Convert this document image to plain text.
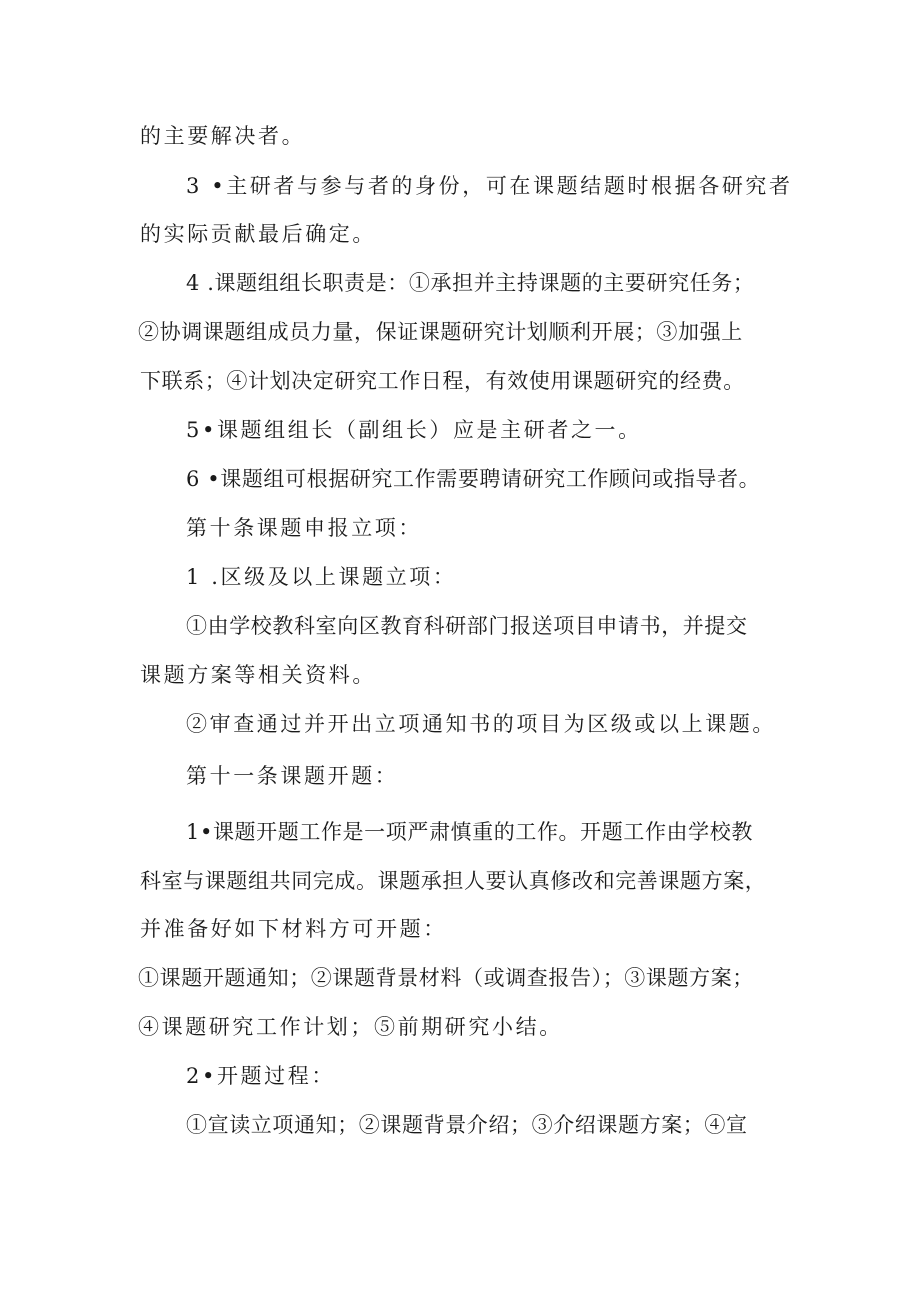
的主要解决者。

3 •主研者与参与者的身份，可在课题结题时根据各研究者

的实际贡献最后确定。

4 .课题组组长职责是：①承担并主持课题的主要研究任务；

②协调课题组成员力量，保证课题研究计划顺利开展；③加强上

下联系；④计划决定研究工作日程，有效使用课题研究的经费。

5•课题组组长（副组长）应是主研者之一。

6 •课题组可根据研究工作需要聘请研究工作顾问或指导者。

第十条课题申报立项：

1 .区级及以上课题立项：

①由学校教科室向区教育科研部门报送项目申请书，并提交

课题方案等相关资料。

②审查通过并开出立项通知书的项目为区级或以上课题。

第十一条课题开题：

1•课题开题工作是一项严肃慎重的工作。开题工作由学校教

科室与课题组共同完成。课题承担人要认真修改和完善课题方案，

并准备好如下材料方可开题：

①课题开题通知；②课题背景材料（或调查报告）；③课题方案；

④课题研究工作计划；⑤前期研究小结。

2•开题过程：

①宣读立项通知；②课题背景介绍；③介绍课题方案；④宣
